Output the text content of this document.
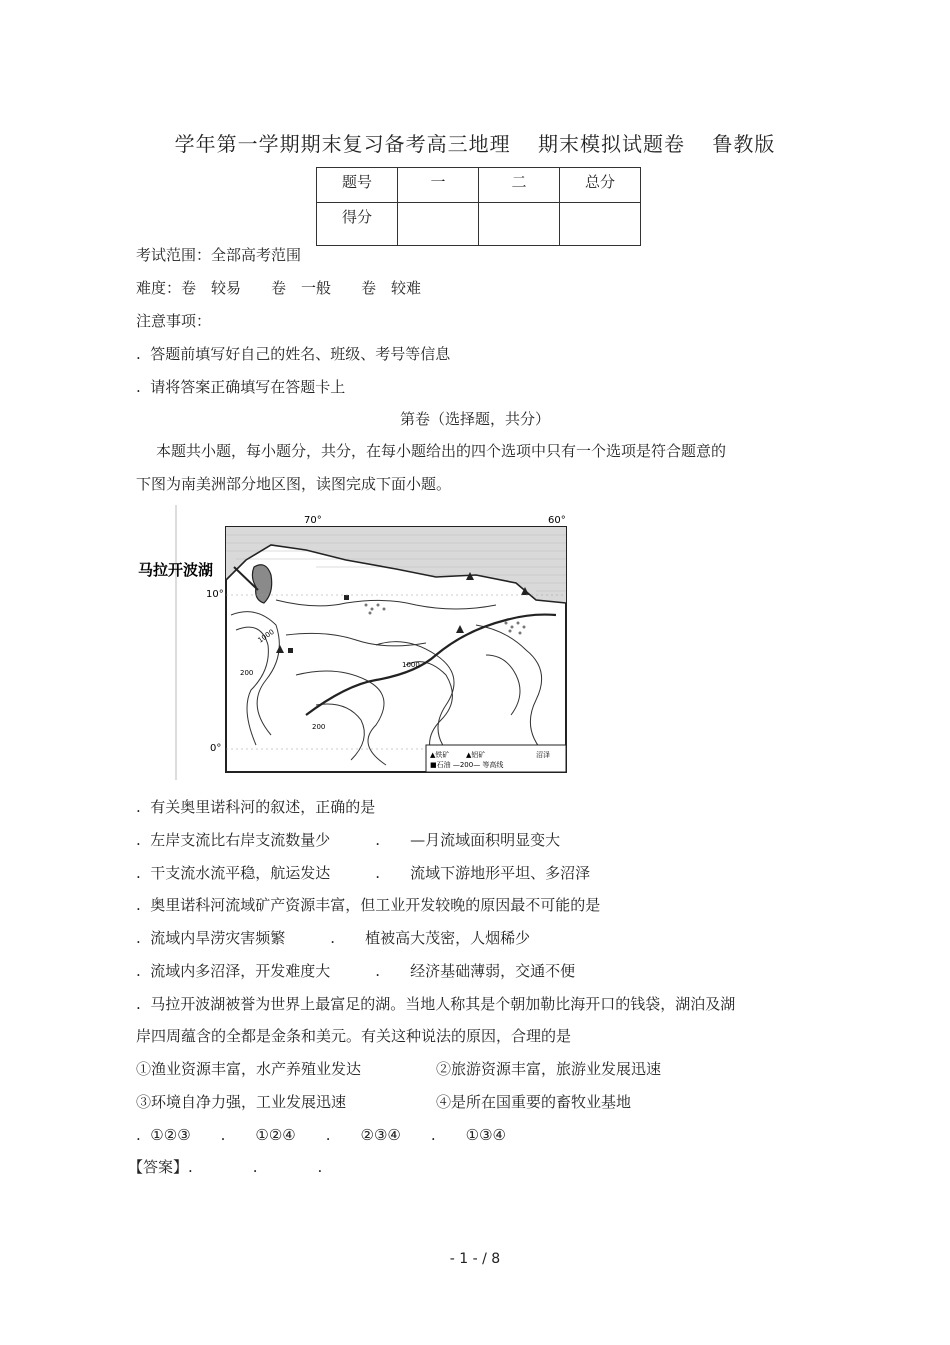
学年第一学期期末复习备考高三地理 期末模拟试题卷 鲁教版
题号	一	二	总分
得分			
考试范围：全部高考范围
难度：卷　较易　　卷　一般　　卷　较难
注意事项：
.  答题前填写好自己的姓名、班级、考号等信息
.  请将答案正确填写在答题卡上
第卷（选择题，共分）
本题共小题，每小题分，共分，在每小题给出的四个选项中只有一个选项是符合题意的
下图为南美洲部分地区图，读图完成下面小题。
70°	60°
10°
0°
1000
1000
200
200
马拉开波湖
▲铁矿 ▲铝矿	沼泽
■石油 —200— 等高线
.  有关奥里诺科河的叙述，正确的是
.  左岸支流比右岸支流数量少　　　.　　—月流域面积明显变大
.  干支流水流平稳，航运发达　　　.　　流域下游地形平坦、多沼泽
.  奥里诺科河流域矿产资源丰富，但工业开发较晚的原因最不可能的是
.  流域内旱涝灾害频繁　　　.　　植被高大茂密，人烟稀少
.  流域内多沼泽，开发难度大　　　.　　经济基础薄弱，交通不便
.  马拉开波湖被誉为世界上最富足的湖。当地人称其是个朝加勒比海开口的钱袋，湖泊及湖
岸四周蕴含的全都是金条和美元。有关这种说法的原因，合理的是
①渔业资源丰富，水产养殖业发达　　　　　②旅游资源丰富，旅游业发展迅速
③环境自净力强，工业发展迅速　　　　　　④是所在国重要的畜牧业基地
.  ①②③　　.　　①②④　　.　　②③④　　.　　①③④
【答案】.　　　　.　　　　.
- 1 - / 8
